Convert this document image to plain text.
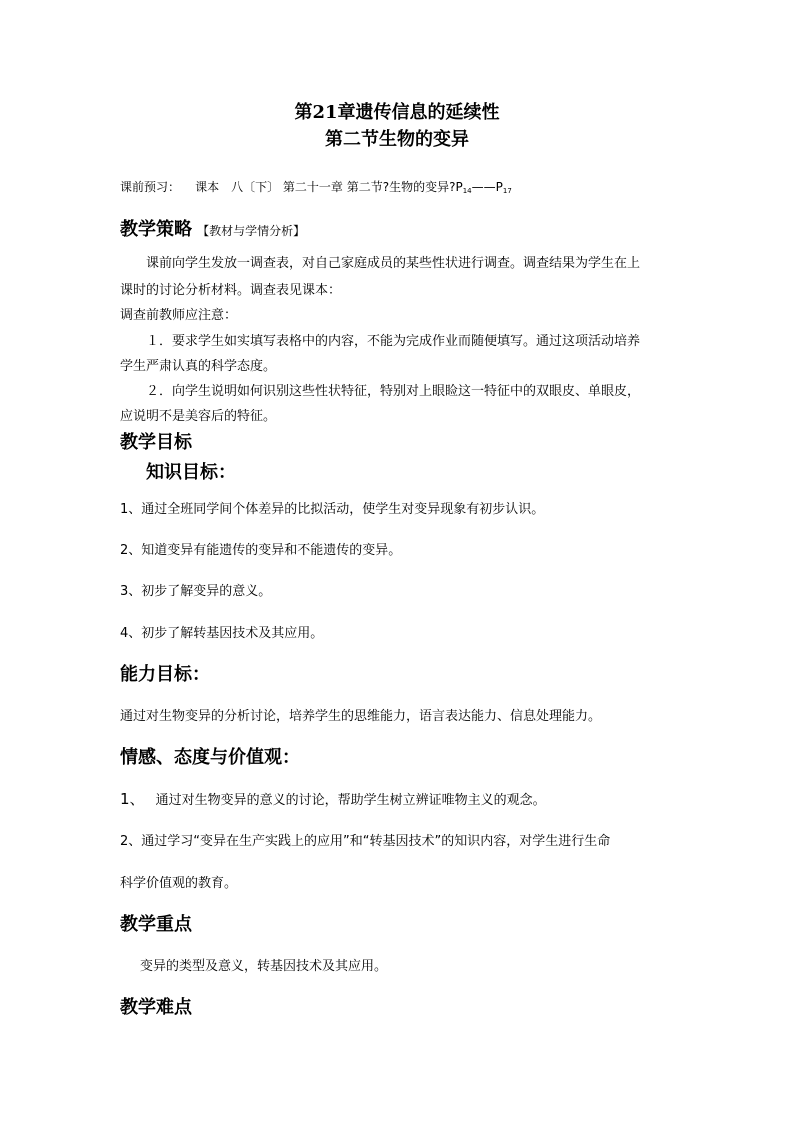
第21章遗传信息的延续性
第二节生物的变异
课前预习： 课本　八〔下〕 第二十一章 第二节?生物的变异$?P_{14}——P_{17}$
教学策略 【教材与学情分析】
课前向学生发放一调查表，对自己家庭成员的某些性状进行调查。调查结果为学生在上
课时的讨论分析材料。调查表见课本：
调查前教师应注意：
１．要求学生如实填写表格中的内容，不能为完成作业而随便填写。通过这项活动培养
学生严肃认真的科学态度。
２．向学生说明如何识别这些性状特征，特别对上眼睑这一特征中的双眼皮、单眼皮，
应说明不是美容后的特征。
教学目标
知识目标：
1、通过全班同学间个体差异的比拟活动，使学生对变异现象有初步认识。
2、知道变异有能遗传的变异和不能遗传的变异。
3、初步了解变异的意义。
4、初步了解转基因技术及其应用。
能力目标：
通过对生物变异的分析讨论，培养学生的思维能力，语言表达能力、信息处理能力。
情感、态度与价值观：
1、 通过对生物变异的意义的讨论，帮助学生树立辨证唯物主义的观念。
2、通过学习“变异在生产实践上的应用”和“转基因技术”的知识内容，对学生进行生命
科学价值观的教育。
教学重点
变异的类型及意义，转基因技术及其应用。
教学难点
